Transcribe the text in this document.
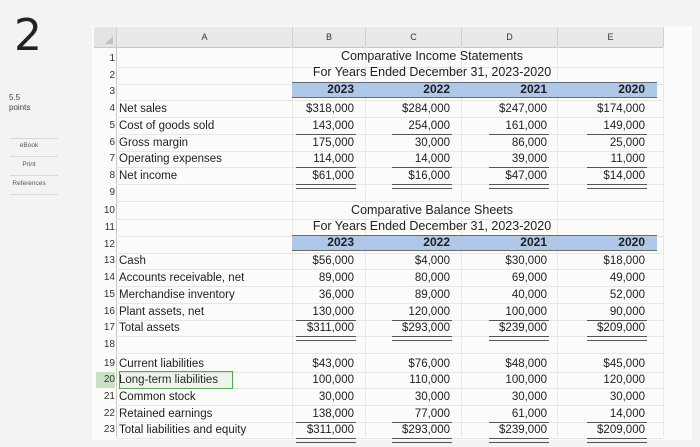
2
5.5
points
eBook
Print
References
A	B	C	D	E
1
2
3
9
10
11
12
18
Comparative Income Statements
For Years Ended December 31, 2023-2020
2023	2022	2021	2020
4 Net sales	$318,000	$284,000	$247,000	$174,000
5 Cost of goods sold	143,000	254,000	161,000	149,000
6 Gross margin	175,000	30,000	86,000	25,000
7 Operating expenses	114,000	14,000	39,000	11,000
8 Net income	$61,000	$16,000	$47,000	$14,000
Comparative Balance Sheets
For Years Ended December 31, 2023-2020
2023	2022	2021	2020
13 Cash	$56,000	$4,000	$30,000	$18,000
14 Accounts receivable, net	89,000	80,000	69,000	49,000
15 Merchandise inventory	36,000	89,000	40,000	52,000
16 Plant assets, net	130,000	120,000	100,000	90,000
17 Total assets	$311,000	$293,000	$239,000	$209,000
19 Current liabilities	$43,000	$76,000	$48,000	$45,000
20 Long-term liabilities	100,000	110,000	100,000	120,000
21 Common stock	30,000	30,000	30,000	30,000
22 Retained earnings	138,000	77,000	61,000	14,000
23 Total liabilities and equity	$311,000	$293,000	$239,000	$209,000
